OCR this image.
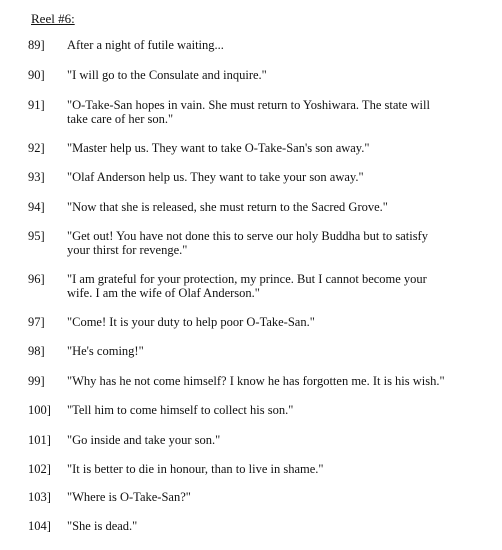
Reel #6:
89]	After a night of futile waiting...
90]	"I will go to the Consulate and inquire."
91]	"O-Take-San hopes in vain. She must return to Yoshiwara. The state will
take care of her son."
92]	"Master help us. They want to take O-Take-San's son away."
93]	"Olaf Anderson help us. They want to take your son away."
94]	"Now that she is released, she must return to the Sacred Grove."
95]	"Get out! You have not done this to serve our holy Buddha but to satisfy
your thirst for revenge."
96]	"I am grateful for your protection, my prince. But I cannot become your
wife. I am the wife of Olaf Anderson."
97]	"Come! It is your duty to help poor O-Take-San."
98]	"He's coming!"
99]	"Why has he not come himself? I know he has forgotten me. It is his wish."
100]	"Tell him to come himself to collect his son."
101]	"Go inside and take your son."
102]	"It is better to die in honour, than to live in shame."
103]	"Where is O-Take-San?"
104]	"She is dead."
